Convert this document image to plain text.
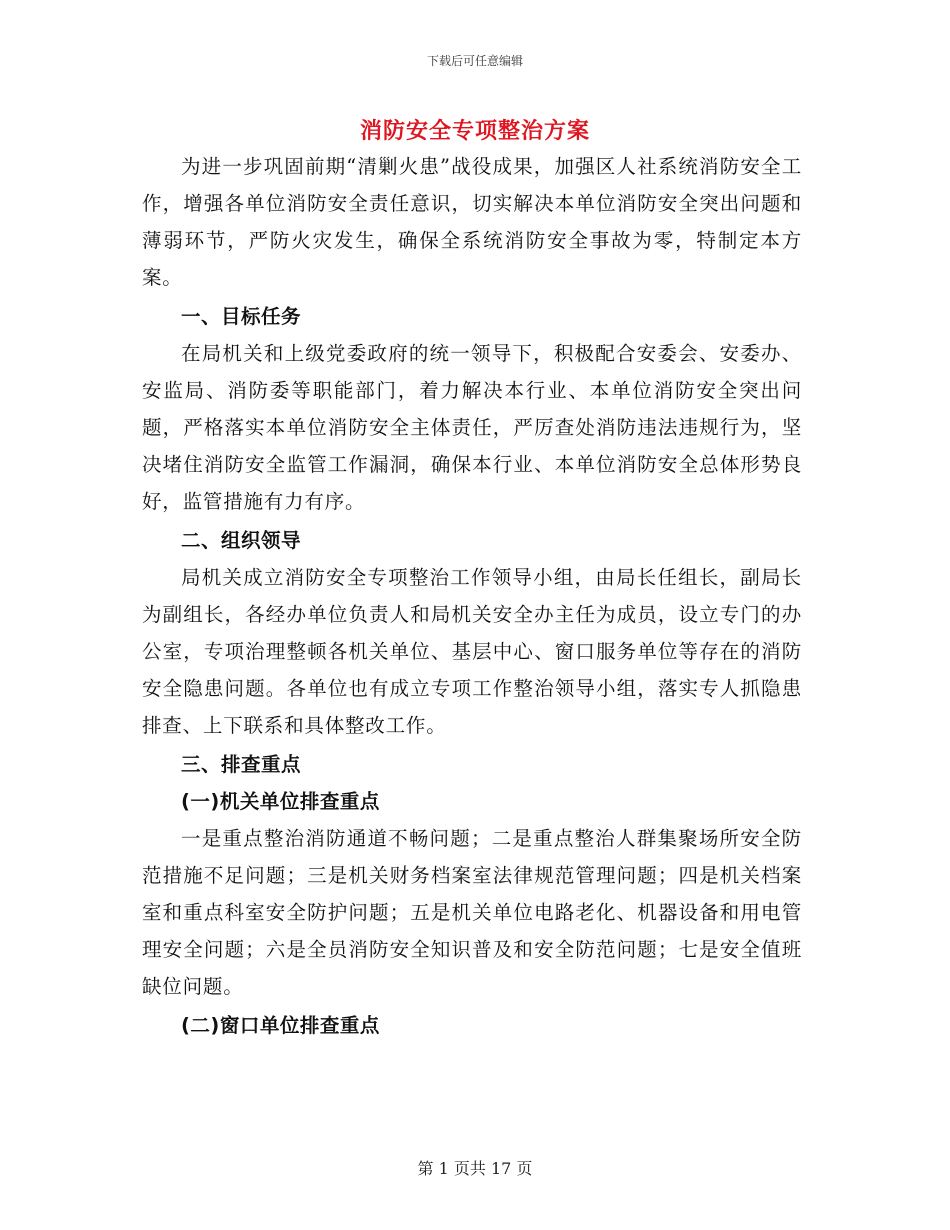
下载后可任意编辑
消防安全专项整治方案

为进一步巩固前期“清剿火患”战役成果，加强区人社系统消防安全工作，增强各单位消防安全责任意识，切实解决本单位消防安全突出问题和薄弱环节，严防火灾发生，确保全系统消防安全事故为零，特制定本方案。

一、目标任务

在局机关和上级党委政府的统一领导下，积极配合安委会、安委办、安监局、消防委等职能部门，着力解决本行业、本单位消防安全突出问题，严格落实本单位消防安全主体责任，严厉查处消防违法违规行为，坚决堵住消防安全监管工作漏洞，确保本行业、本单位消防安全总体形势良好，监管措施有力有序。

二、组织领导

局机关成立消防安全专项整治工作领导小组，由局长任组长，副局长为副组长，各经办单位负责人和局机关安全办主任为成员，设立专门的办公室，专项治理整顿各机关单位、基层中心、窗口服务单位等存在的消防安全隐患问题。各单位也有成立专项工作整治领导小组，落实专人抓隐患排查、上下联系和具体整改工作。

三、排查重点

(一)机关单位排查重点

一是重点整治消防通道不畅问题；二是重点整治人群集聚场所安全防范措施不足问题；三是机关财务档案室法律规范管理问题；四是机关档案室和重点科室安全防护问题；五是机关单位电路老化、机器设备和用电管理安全问题；六是全员消防安全知识普及和安全防范问题；七是安全值班缺位问题。

(二)窗口单位排查重点

第 1 页共 17 页
